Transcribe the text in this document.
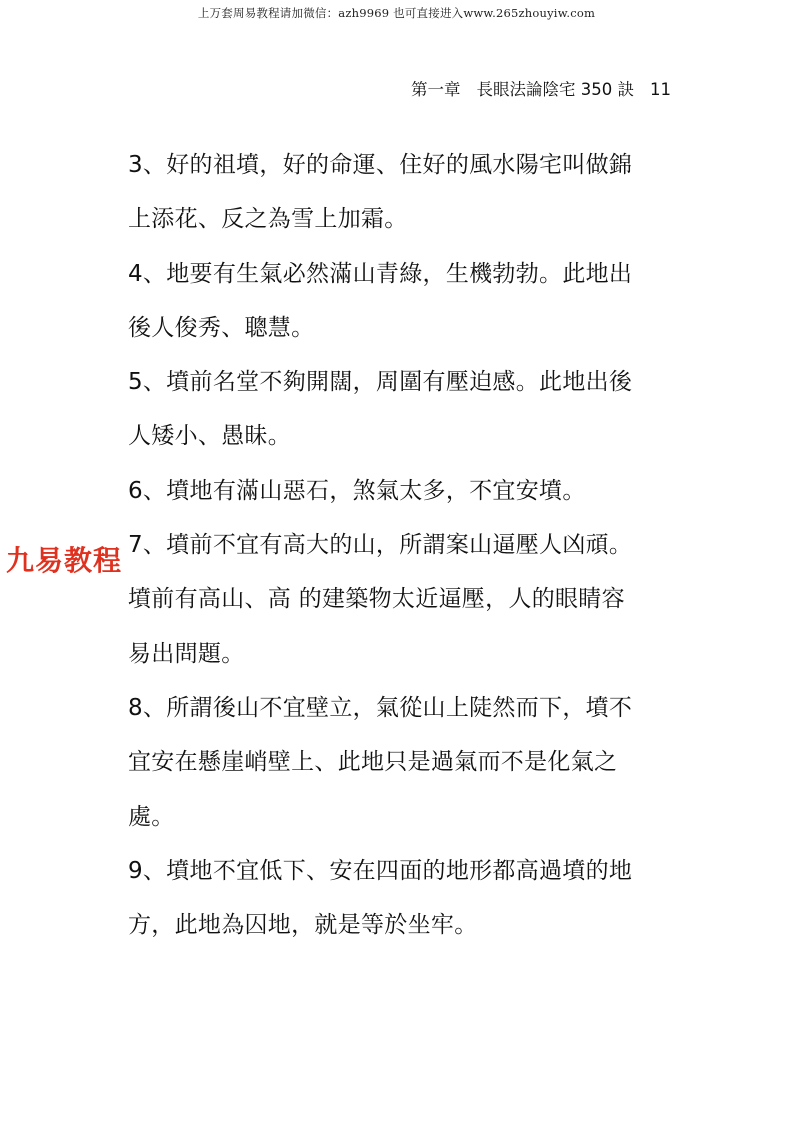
上万套周易教程请加微信：azh9969 也可直接进入www.265zhouyiw.com
第一章 長眼法論陰宅 350 訣 11
3、好的祖墳，好的命運、住好的風水陽宅叫做錦
上添花、反之為雪上加霜。
4、地要有生氣必然滿山青綠，生機勃勃。此地出
後人俊秀、聰慧。
5、墳前名堂不夠開闊，周圍有壓迫感。此地出後
人矮小、愚昧。
6、墳地有滿山惡石，煞氣太多，不宜安墳。
7、墳前不宜有高大的山，所謂案山逼壓人凶頑。
墳前有高山、高 的建築物太近逼壓，人的眼睛容
易出問題。
8、所謂後山不宜壁立，氣從山上陡然而下，墳不
宜安在懸崖峭壁上、此地只是過氣而不是化氣之
處。
9、墳地不宜低下、安在四面的地形都高過墳的地
方，此地為囚地，就是等於坐牢。
九易教程
